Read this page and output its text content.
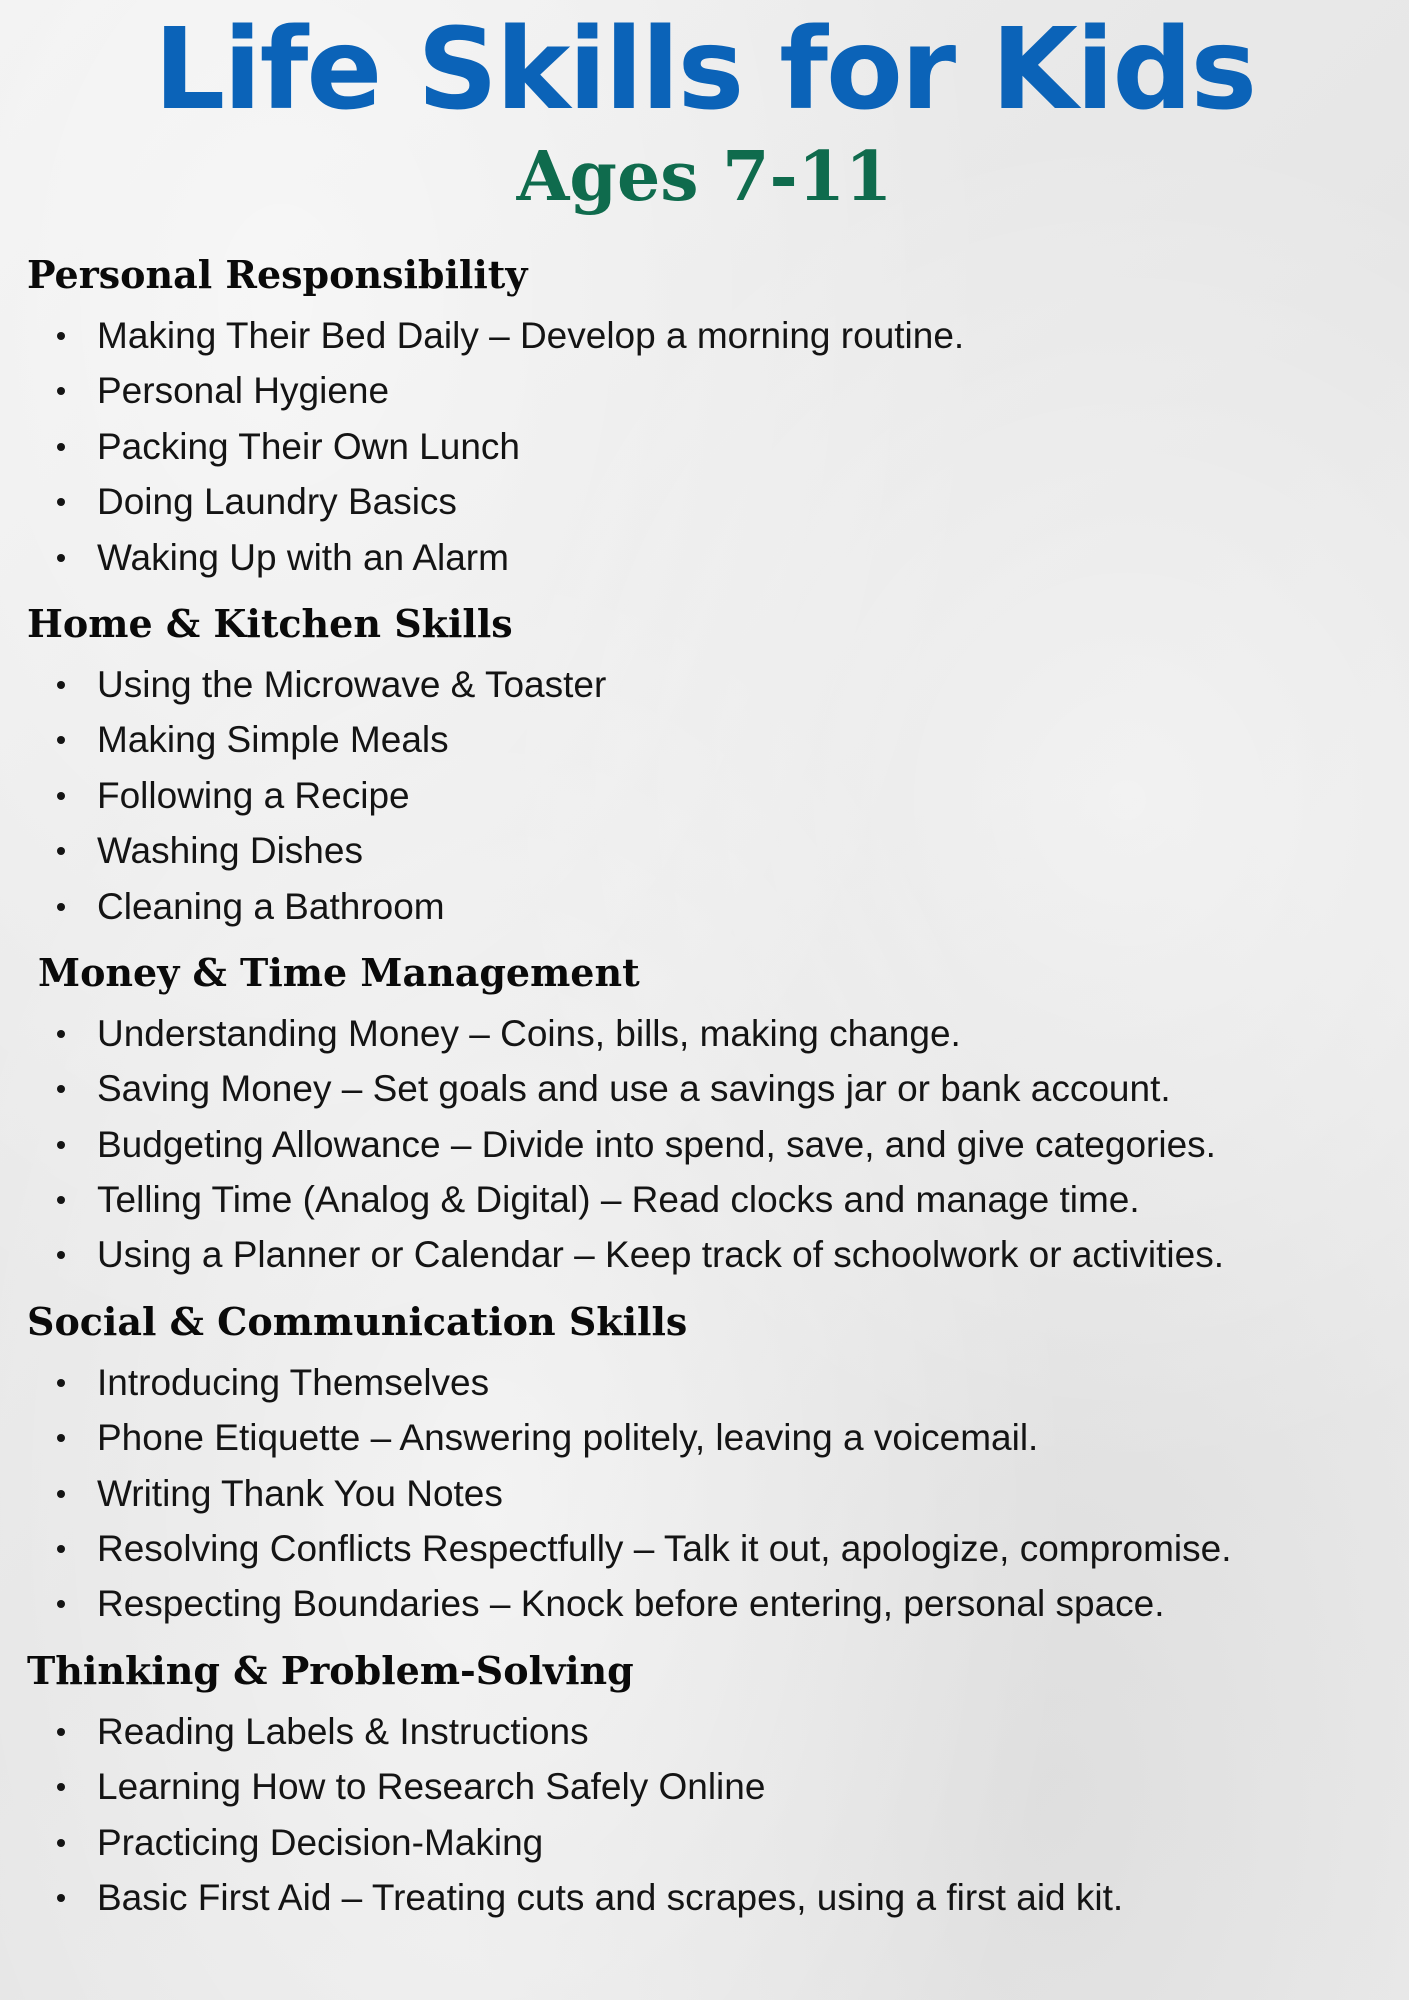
Life Skills for Kids
Ages 7-11
Personal Responsibility
Making Their Bed Daily – Develop a morning routine.
Personal Hygiene
Packing Their Own Lunch
Doing Laundry Basics
Waking Up with an Alarm
Home & Kitchen Skills
Using the Microwave & Toaster
Making Simple Meals
Following a Recipe
Washing Dishes
Cleaning a Bathroom
Money & Time Management
Understanding Money – Coins, bills, making change.
Saving Money – Set goals and use a savings jar or bank account.
Budgeting Allowance – Divide into spend, save, and give categories.
Telling Time (Analog & Digital) – Read clocks and manage time.
Using a Planner or Calendar – Keep track of schoolwork or activities.
Social & Communication Skills
Introducing Themselves
Phone Etiquette – Answering politely, leaving a voicemail.
Writing Thank You Notes
Resolving Conflicts Respectfully – Talk it out, apologize, compromise.
Respecting Boundaries – Knock before entering, personal space.
Thinking & Problem-Solving
Reading Labels & Instructions
Learning How to Research Safely Online
Practicing Decision-Making
Basic First Aid – Treating cuts and scrapes, using a first aid kit.
